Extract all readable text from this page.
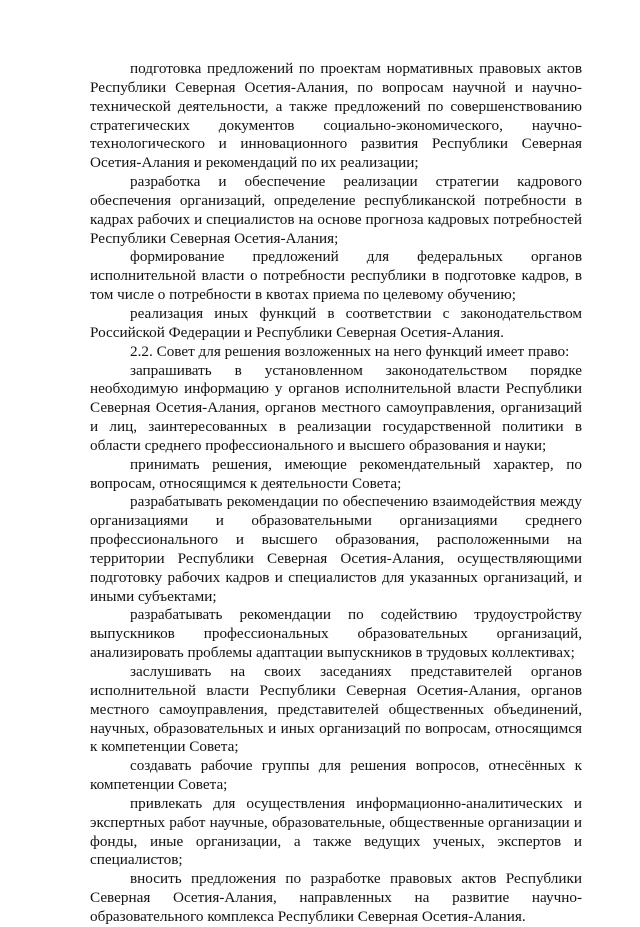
подготовка предложений по проектам нормативных правовых актов Республики Северная Осетия-Алания, по вопросам научной и научно-технической деятельности, а также предложений по совершенствованию стратегических документов социально-экономического, научно-технологического и инновационного развития Республики Северная Осетия-Алания и рекомендаций по их реализации;

разработка и обеспечение реализации стратегии кадрового обеспечения организаций, определение республиканской потребности в кадрах рабочих и специалистов на основе прогноза кадровых потребностей Республики Северная Осетия-Алания;

формирование предложений для федеральных органов исполнительной власти о потребности республики в подготовке кадров, в том числе о потребности в квотах приема по целевому обучению;

реализация иных функций в соответствии с законодательством Российской Федерации и Республики Северная Осетия-Алания.

2.2. Совет для решения возложенных на него функций имеет право:

запрашивать в установленном законодательством порядке необходимую информацию у органов исполнительной власти Республики Северная Осетия-Алания, органов местного самоуправления, организаций и лиц, заинтересованных в реализации государственной политики в области среднего профессионального и высшего образования и науки;

принимать решения, имеющие рекомендательный характер, по вопросам, относящимся к деятельности Совета;

разрабатывать рекомендации по обеспечению взаимодействия между организациями и образовательными организациями среднего профессионального и высшего образования, расположенными на территории Республики Северная Осетия-Алания, осуществляющими подготовку рабочих кадров и специалистов для указанных организаций, и иными субъектами;

разрабатывать рекомендации по содействию трудоустройству выпускников профессиональных образовательных организаций, анализировать проблемы адаптации выпускников в трудовых коллективах;

заслушивать на своих заседаниях представителей органов исполнительной власти Республики Северная Осетия-Алания, органов местного самоуправления, представителей общественных объединений, научных, образовательных и иных организаций по вопросам, относящимся к компетенции Совета;

создавать рабочие группы для решения вопросов, отнесённых к компетенции Совета;

привлекать для осуществления информационно-аналитических и экспертных работ научные, образовательные, общественные организации и фонды, иные организации, а также ведущих ученых, экспертов и специалистов;

вносить предложения по разработке правовых актов Республики Северная Осетия-Алания, направленных на развитие научно-образовательного комплекса Республики Северная Осетия-Алания.
